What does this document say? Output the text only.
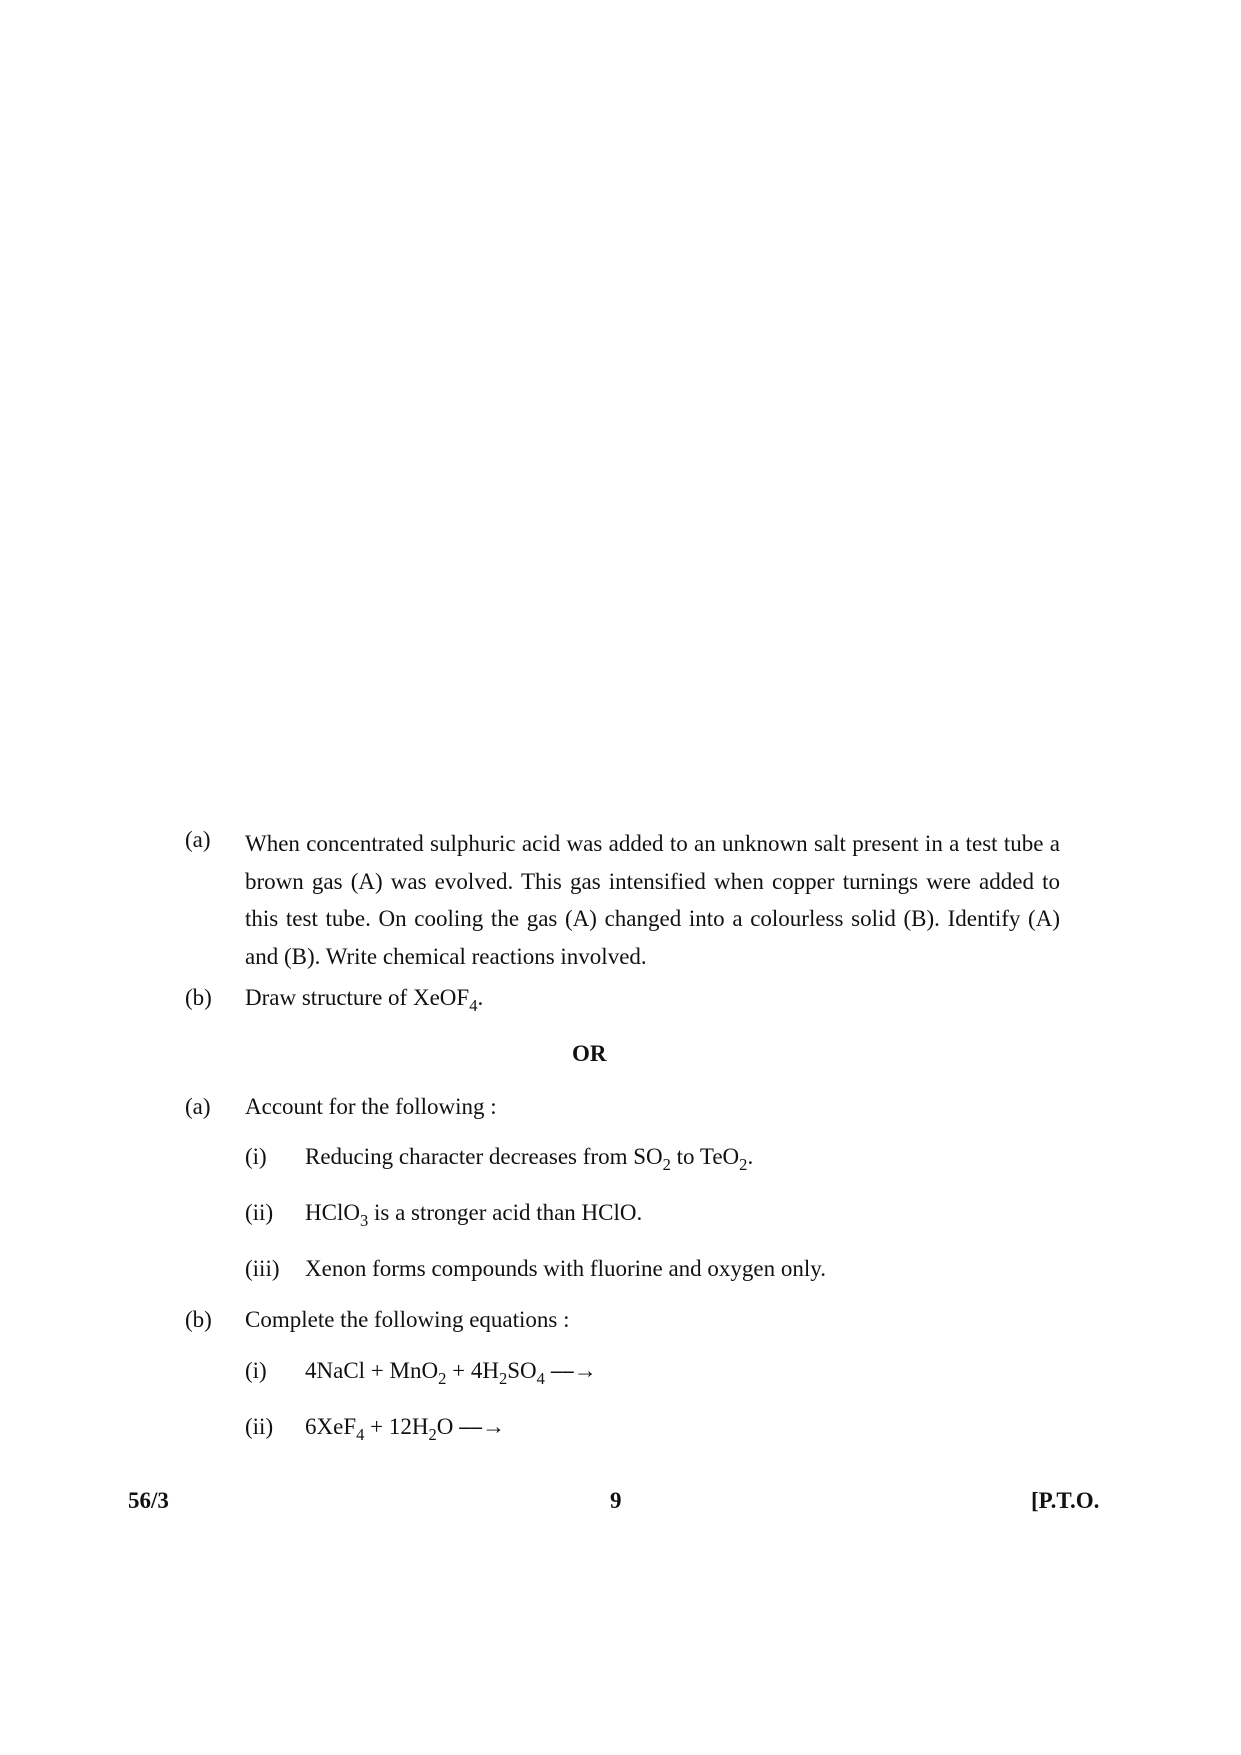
(a) When concentrated sulphuric acid was added to an unknown salt present in a test tube a brown gas (A) was evolved. This gas intensified when copper turnings were added to this test tube. On cooling the gas (A) changed into a colourless solid (B). Identify (A) and (B). Write chemical reactions involved.
(b) Draw structure of XeOF$_4$.
OR
(a) Account for the following :
(i) Reducing character decreases from $SO_2$ to TeO$_2$.
(ii) HClO$_3$ is a stronger acid than HClO.
(iii) Xenon forms compounds with fluorine and oxygen only.
(b) Complete the following equations :
(i) 4NaCl + $MnO_2 + 4H_2SO_4$ ⎯⎯→
(ii) $6XeF_4 + 12H_2O$ ⎯⎯→
56/3	9	[P.T.O.
